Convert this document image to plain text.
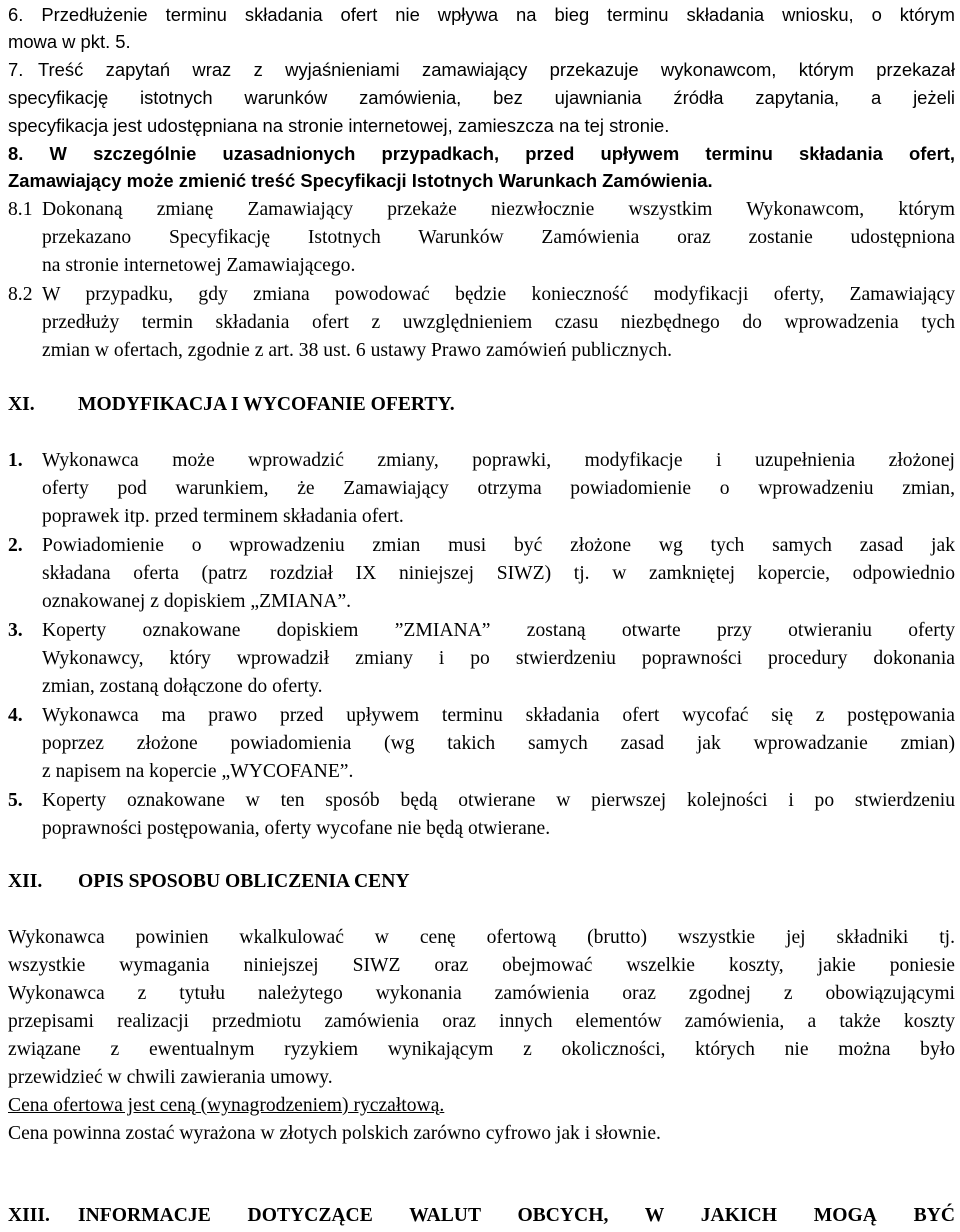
6. Przedłużenie terminu składania ofert nie wpływa na bieg terminu składania wniosku, o którym
mowa w pkt. 5.
7. Treść zapytań wraz z wyjaśnieniami zamawiający przekazuje wykonawcom, którym przekazał
specyfikację istotnych warunków zamówienia, bez ujawniania źródła zapytania, a jeżeli
specyfikacja jest udostępniana na stronie internetowej, zamieszcza na tej stronie.
8. W szczególnie uzasadnionych przypadkach, przed upływem terminu składania ofert,
Zamawiający może zmienić treść Specyfikacji Istotnych Warunkach Zamówienia.
8.1 Dokonaną zmianę Zamawiający przekaże niezwłocznie wszystkim Wykonawcom, którym
przekazano Specyfikację Istotnych Warunków Zamówienia oraz zostanie udostępniona
na stronie internetowej Zamawiającego.
8.2 W przypadku, gdy zmiana powodować będzie konieczność modyfikacji oferty, Zamawiający
przedłuży termin składania ofert z uwzględnieniem czasu niezbędnego do wprowadzenia tych
zmian w ofertach, zgodnie z art. 38 ust. 6 ustawy Prawo zamówień publicznych.
XI. MODYFIKACJA I WYCOFANIE OFERTY.
1. Wykonawca może wprowadzić zmiany, poprawki, modyfikacje i uzupełnienia złożonej
oferty pod warunkiem, że Zamawiający otrzyma powiadomienie o wprowadzeniu zmian,
poprawek itp. przed terminem składania ofert.
2. Powiadomienie o wprowadzeniu zmian musi być złożone wg tych samych zasad jak
składana oferta (patrz rozdział IX niniejszej SIWZ) tj. w zamkniętej kopercie, odpowiednio
oznakowanej z dopiskiem „ZMIANA”.
3. Koperty oznakowane dopiskiem ”ZMIANA” zostaną otwarte przy otwieraniu oferty
Wykonawcy, który wprowadził zmiany i po stwierdzeniu poprawności procedury dokonania
zmian, zostaną dołączone do oferty.
4. Wykonawca ma prawo przed upływem terminu składania ofert wycofać się z postępowania
poprzez złożone powiadomienia (wg takich samych zasad jak wprowadzanie zmian)
z napisem na kopercie „WYCOFANE”.
5. Koperty oznakowane w ten sposób będą otwierane w pierwszej kolejności i po stwierdzeniu
poprawności postępowania, oferty wycofane nie będą otwierane.
XII. OPIS SPOSOBU OBLICZENIA CENY
Wykonawca powinien wkalkulować w cenę ofertową (brutto) wszystkie jej składniki tj.
wszystkie wymagania niniejszej SIWZ oraz obejmować wszelkie koszty, jakie poniesie
Wykonawca z tytułu należytego wykonania zamówienia oraz zgodnej z obowiązującymi
przepisami realizacji przedmiotu zamówienia oraz innych elementów zamówienia, a także koszty
związane z ewentualnym ryzykiem wynikającym z okoliczności, których nie można było
przewidzieć w chwili zawierania umowy.
Cena ofertowa jest ceną (wynagrodzeniem) ryczałtową.
Cena powinna zostać wyrażona w złotych polskich zarówno cyfrowo jak i słownie.
XIII. INFORMACJE DOTYCZĄCE WALUT OBCYCH, W JAKICH MOGĄ BYĆ
